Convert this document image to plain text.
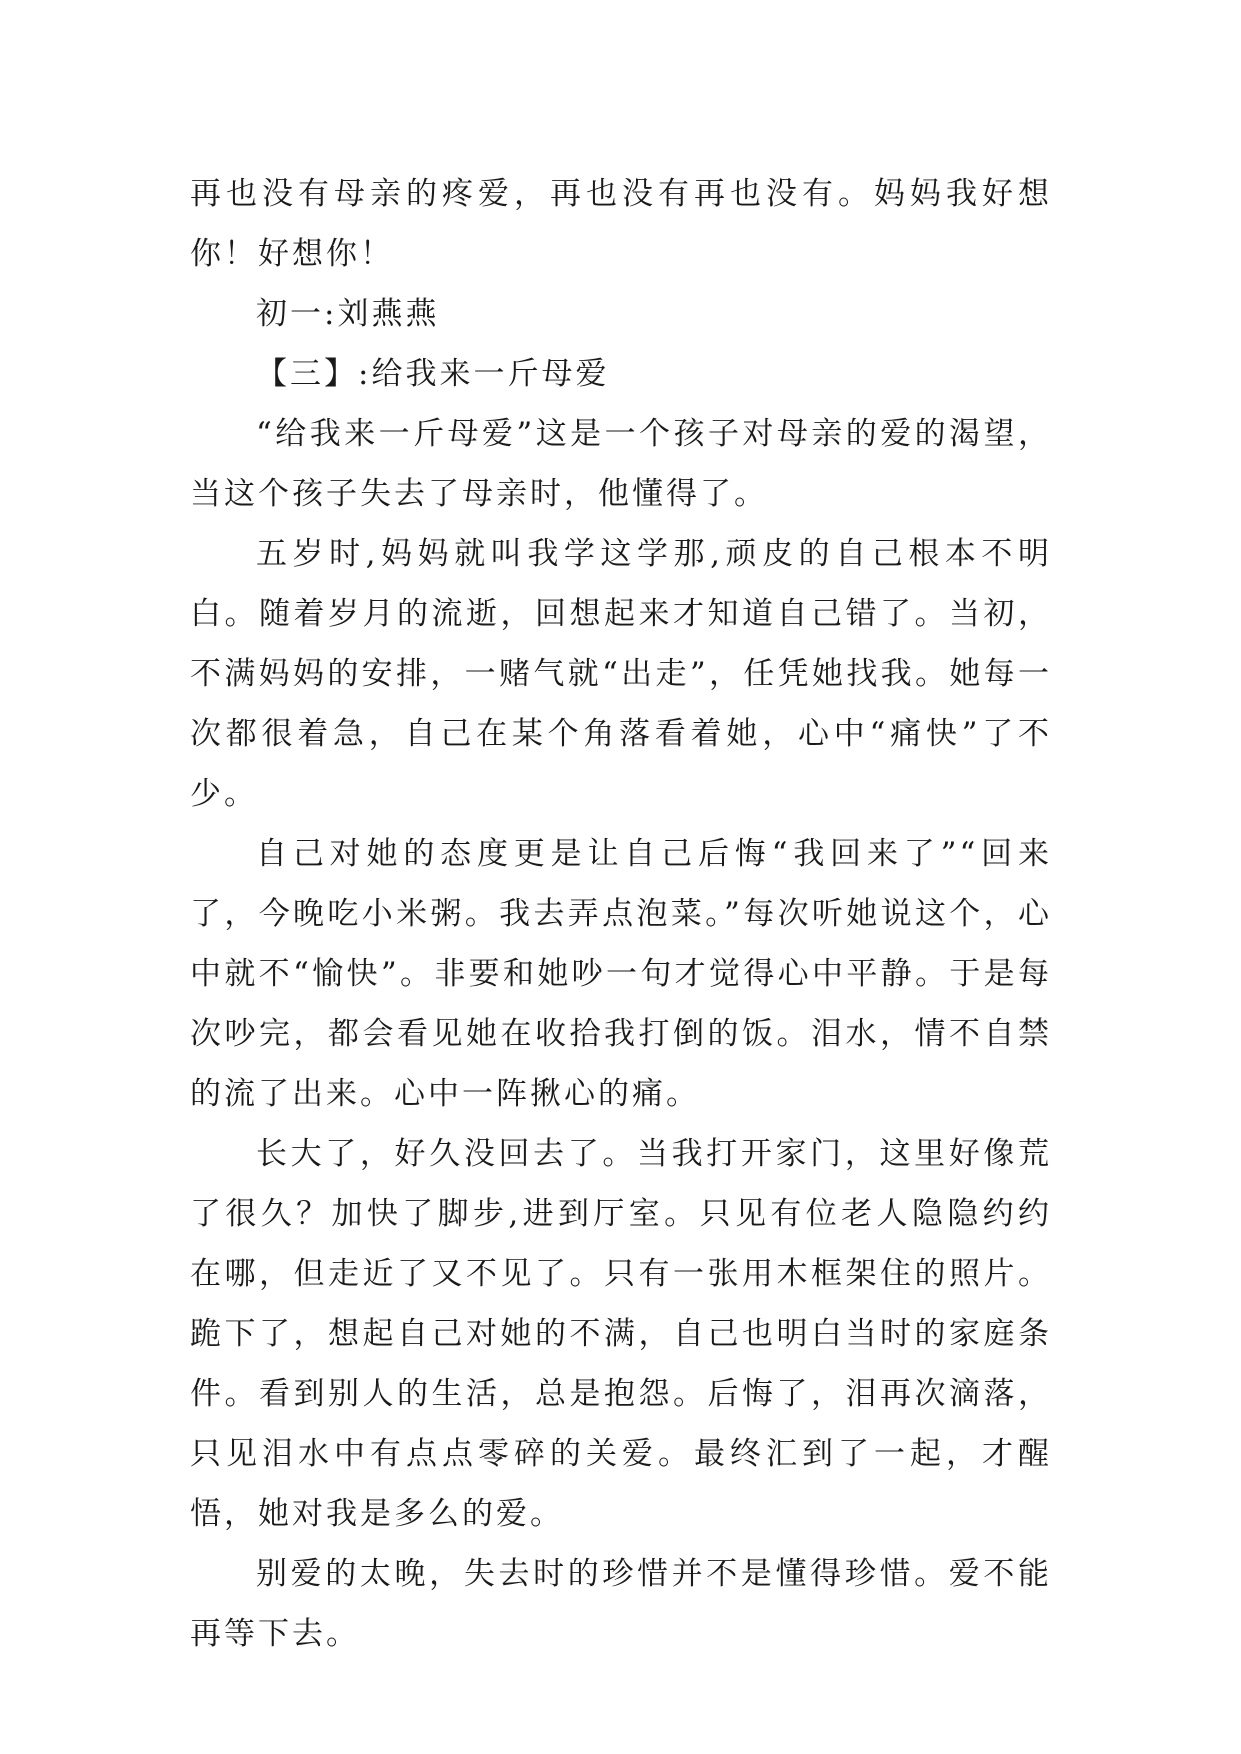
再也没有母亲的疼爱，再也没有再也没有。妈妈我好想你！好想你！

初一:刘燕燕

【三】:给我来一斤母爱

“给我来一斤母爱”这是一个孩子对母亲的爱的渴望，当这个孩子失去了母亲时，他懂得了。

五岁时,妈妈就叫我学这学那,顽皮的自己根本不明白。随着岁月的流逝，回想起来才知道自己错了。当初，不满妈妈的安排，一赌气就“出走”，任凭她找我。她每一次都很着急，自己在某个角落看着她，心中“痛快”了不少。

自己对她的态度更是让自己后悔“我回来了”“回来了，今晚吃小米粥。我去弄点泡菜。”每次听她说这个，心中就不“愉快”。非要和她吵一句才觉得心中平静。于是每次吵完，都会看见她在收拾我打倒的饭。泪水，情不自禁的流了出来。心中一阵揪心的痛。

长大了，好久没回去了。当我打开家门，这里好像荒了很久？加快了脚步,进到厅室。只见有位老人隐隐约约在哪，但走近了又不见了。只有一张用木框架住的照片。跪下了，想起自己对她的不满，自己也明白当时的家庭条件。看到别人的生活，总是抱怨。后悔了，泪再次滴落，只见泪水中有点点零碎的关爱。最终汇到了一起，才醒悟，她对我是多么的爱。

别爱的太晚，失去时的珍惜并不是懂得珍惜。爱不能再等下去。
